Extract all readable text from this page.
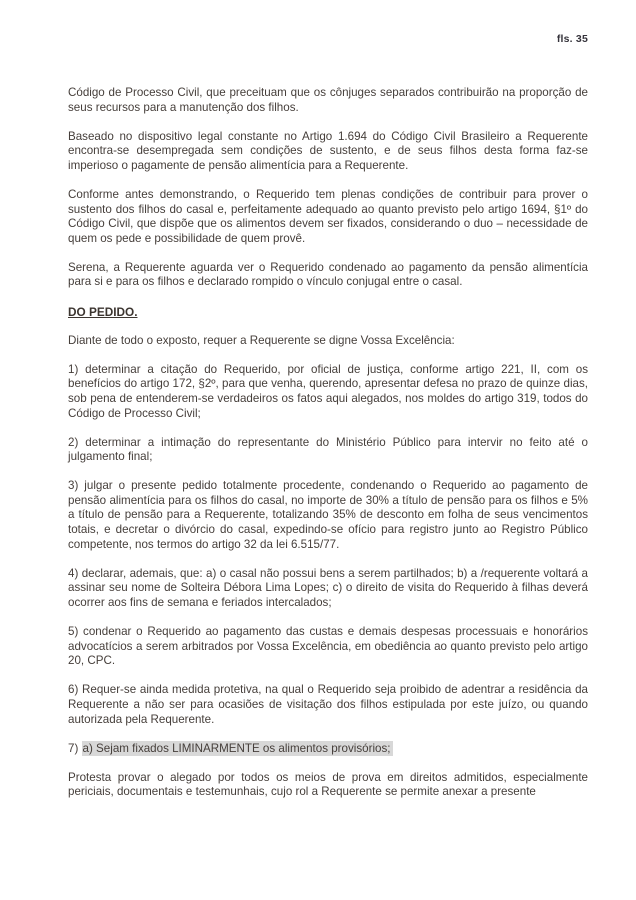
fls. 35

Código de Processo Civil, que preceituam que os cônjuges separados contribuirão na proporção de seus recursos para a manutenção dos filhos.

Baseado no dispositivo legal constante no Artigo 1.694 do Código Civil Brasileiro a Requerente encontra-se desempregada sem condições de sustento, e de seus filhos desta forma faz-se imperioso o pagamente de pensão alimentícia para a Requerente.

Conforme antes demonstrando, o Requerido tem plenas condições de contribuir para prover o sustento dos filhos do casal e, perfeitamente adequado ao quanto previsto pelo artigo 1694, §1º do Código Civil, que dispõe que os alimentos devem ser fixados, considerando o duo – necessidade de quem os pede e possibilidade de quem provê.

Serena, a Requerente aguarda ver o Requerido condenado ao pagamento da pensão alimentícia para si e para os filhos e declarado rompido o vínculo conjugal entre o casal.

DO PEDIDO.

Diante de todo o exposto, requer a Requerente se digne Vossa Excelência:

1) determinar a citação do Requerido, por oficial de justiça, conforme artigo 221, II, com os benefícios do artigo 172, §2º, para que venha, querendo, apresentar defesa no prazo de quinze dias, sob pena de entenderem-se verdadeiros os fatos aqui alegados, nos moldes do artigo 319, todos do Código de Processo Civil;

2) determinar a intimação do representante do Ministério Público para intervir no feito até o julgamento final;

3) julgar o presente pedido totalmente procedente, condenando o Requerido ao pagamento de pensão alimentícia para os filhos do casal, no importe de 30% a título de pensão para os filhos e 5% a título de pensão para a Requerente, totalizando 35% de desconto em folha de seus vencimentos totais, e decretar o divórcio do casal, expedindo-se ofício para registro junto ao Registro Público competente, nos termos do artigo 32 da lei 6.515/77.

4) declarar, ademais, que: a) o casal não possui bens a serem partilhados; b) a /requerente voltará a assinar seu nome de Solteira Débora Lima Lopes; c) o direito de visita do Requerido à filhas deverá ocorrer aos fins de semana e feriados intercalados;

5) condenar o Requerido ao pagamento das custas e demais despesas processuais e honorários advocatícios a serem arbitrados por Vossa Excelência, em obediência ao quanto previsto pelo artigo 20, CPC.

6) Requer-se ainda medida protetiva, na qual o Requerido seja proibido de adentrar a residência da Requerente a não ser para ocasiões de visitação dos filhos estipulada por este juízo, ou quando autorizada pela Requerente.

7) a) Sejam fixados LIMINARMENTE os alimentos provisórios;

Protesta provar o alegado por todos os meios de prova em direitos admitidos, especialmente periciais, documentais e testemunhais, cujo rol a Requerente se permite anexar a presente
